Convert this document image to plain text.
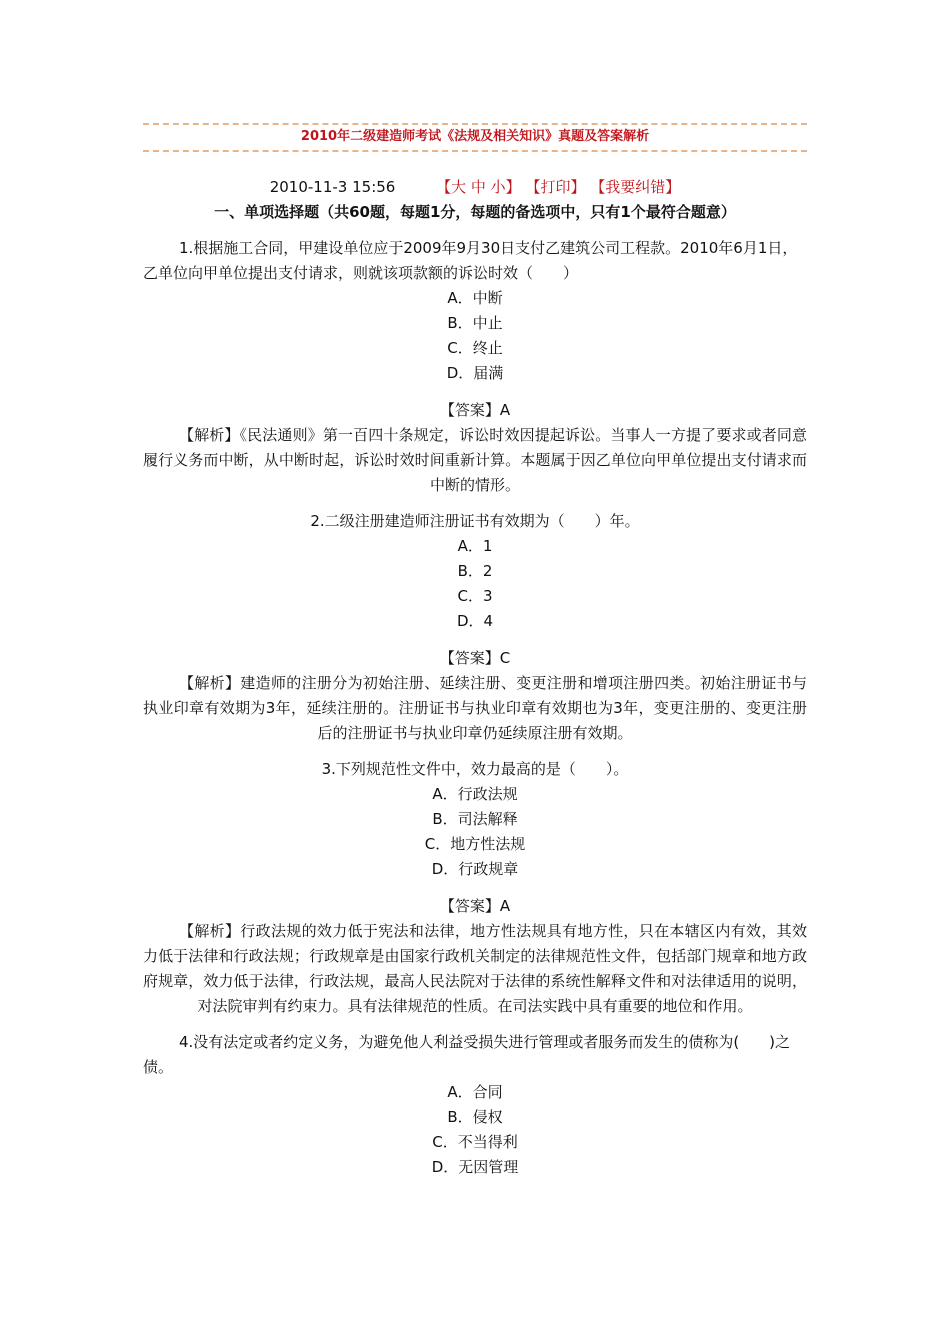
2010年二级建造师考试《法规及相关知识》真题及答案解析
2010-11-3 15:56	【大 中 小】 【打印】 【我要纠错】
一、单项选择题（共60题，每题1分，每题的备选项中，只有1个最符合题意）

1.根据施工合同，甲建设单位应于2009年9月30日支付乙建筑公司工程款。2010年6月1日，乙单位向甲单位提出支付请求，则就该项款额的诉讼时效（　　）

A．中断
B．中止
C．终止
D．届满
【答案】A
【解析】《民法通则》第一百四十条规定，诉讼时效因提起诉讼。当事人一方提了要求或者同意履行义务而中断，从中断时起，诉讼时效时间重新计算。本题属于因乙单位向甲单位提出支付请求而中断的情形。

2.二级注册建造师注册证书有效期为（　　）年。

A．1
B．2
C．3
D．4
【答案】C
【解析】建造师的注册分为初始注册、延续注册、变更注册和增项注册四类。初始注册证书与执业印章有效期为3年，延续注册的。注册证书与执业印章有效期也为3年，变更注册的、变更注册后的注册证书与执业印章仍延续原注册有效期。

3.下列规范性文件中，效力最高的是（　　）。

A．行政法规
B．司法解释
C．地方性法规
D．行政规章
【答案】A
【解析】行政法规的效力低于宪法和法律，地方性法规具有地方性，只在本辖区内有效，其效力低于法律和行政法规；行政规章是由国家行政机关制定的法律规范性文件，包括部门规章和地方政府规章，效力低于法律，行政法规，最高人民法院对于法律的系统性解释文件和对法律适用的说明，对法院审判有约束力。具有法律规范的性质。在司法实践中具有重要的地位和作用。

4.没有法定或者约定义务，为避免他人利益受损失进行管理或者服务而发生的债称为(　　)之债。

A．合同
B．侵权
C．不当得利
D．无因管理
